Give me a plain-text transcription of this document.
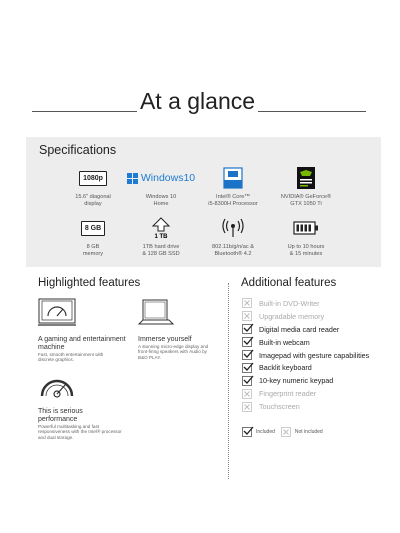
At a glance
Specifications
1080p
15.6" diagonal
display
Windows10
Windows 10
Home
Intel® Core™
i5-8300H Processor
NVIDIA® GeForce®
GTX 1050 Ti
8 GB
8 GB
memory
1 TB
1TB hard drive
& 128 GB SSD
802.11b/g/n/ac &
Bluetooth® 4.2
Up to 10 hours
& 15 minutes
Highlighted features
A gaming and entertainment machine
Fast, smooth entertainment with discrete graphics.
Immerse yourself
A stunning micro-edge display and front-firing speakers with Audio by B&O PLAY.
This is serious performance
Powerful multitasking and fast responsiveness with the Intel® processor and dual storage.
Additional features
Built-in DVD-Writer
Upgradable memory
Digital media card reader
Built-in webcam
Imagepad with gesture capabilities
Backlit keyboard
10-key numeric keypad
Fingerprint reader
Touchscreen
Included	Not included
